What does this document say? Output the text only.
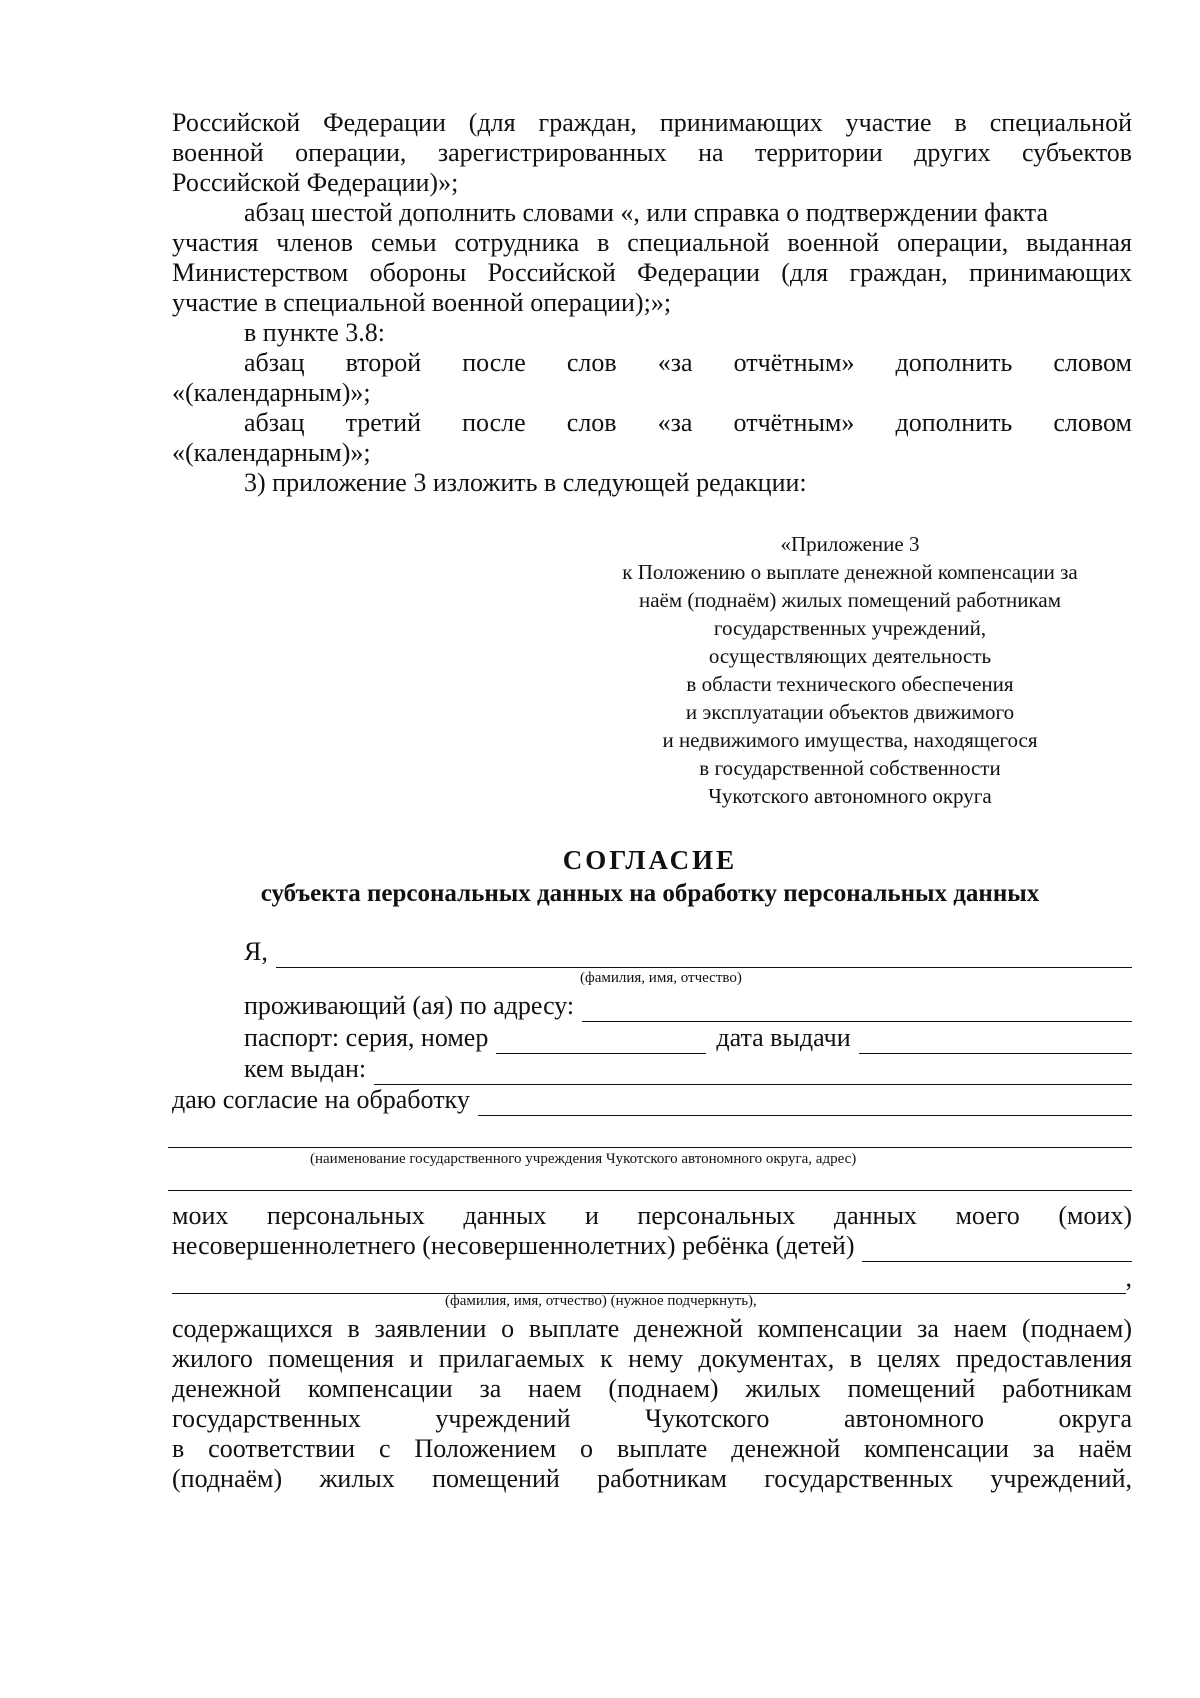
Российской Федерации (для граждан, принимающих участие в специальной
военной операции, зарегистрированных на территории других субъектов
Российской Федерации)»;
абзац шестой дополнить словами «, или справка о подтверждении факта
участия членов семьи сотрудника в специальной военной операции, выданная
Министерством обороны Российской Федерации (для граждан, принимающих
участие в специальной военной операции);»;
в пункте 3.8:
абзац второй после слов «за отчётным» дополнить словом
«(календарным)»;
абзац третий после слов «за отчётным» дополнить словом
«(календарным)»;
3) приложение 3 изложить в следующей редакции:
«Приложение 3
к Положению о выплате денежной компенсации за
наём (поднаём) жилых помещений работникам
государственных учреждений,
осуществляющих деятельность
в области технического обеспечения
и эксплуатации объектов движимого
и недвижимого имущества, находящегося
в государственной собственности
Чукотского автономного округа
СОГЛАСИЕ
субъекта персональных данных на обработку персональных данных
Я,
(фамилия, имя, отчество)
проживающий (ая) по адресу:
паспорт: серия, номер	дата выдачи
кем выдан:
даю согласие на обработку
(наименование государственного учреждения Чукотского автономного округа, адрес)
моих персональных данных и персональных данных моего (моих)
несовершеннолетнего (несовершеннолетних) ребёнка (детей)
,
(фамилия, имя, отчество) (нужное подчеркнуть),
содержащихся в заявлении о выплате денежной компенсации за наем (поднаем)
жилого помещения и прилагаемых к нему документах, в целях предоставления
денежной компенсации за наем (поднаем) жилых помещений работникам
государственных учреждений Чукотского автономного округа
в соответствии с Положением о выплате денежной компенсации за наём
(поднаём) жилых помещений работникам государственных учреждений,
